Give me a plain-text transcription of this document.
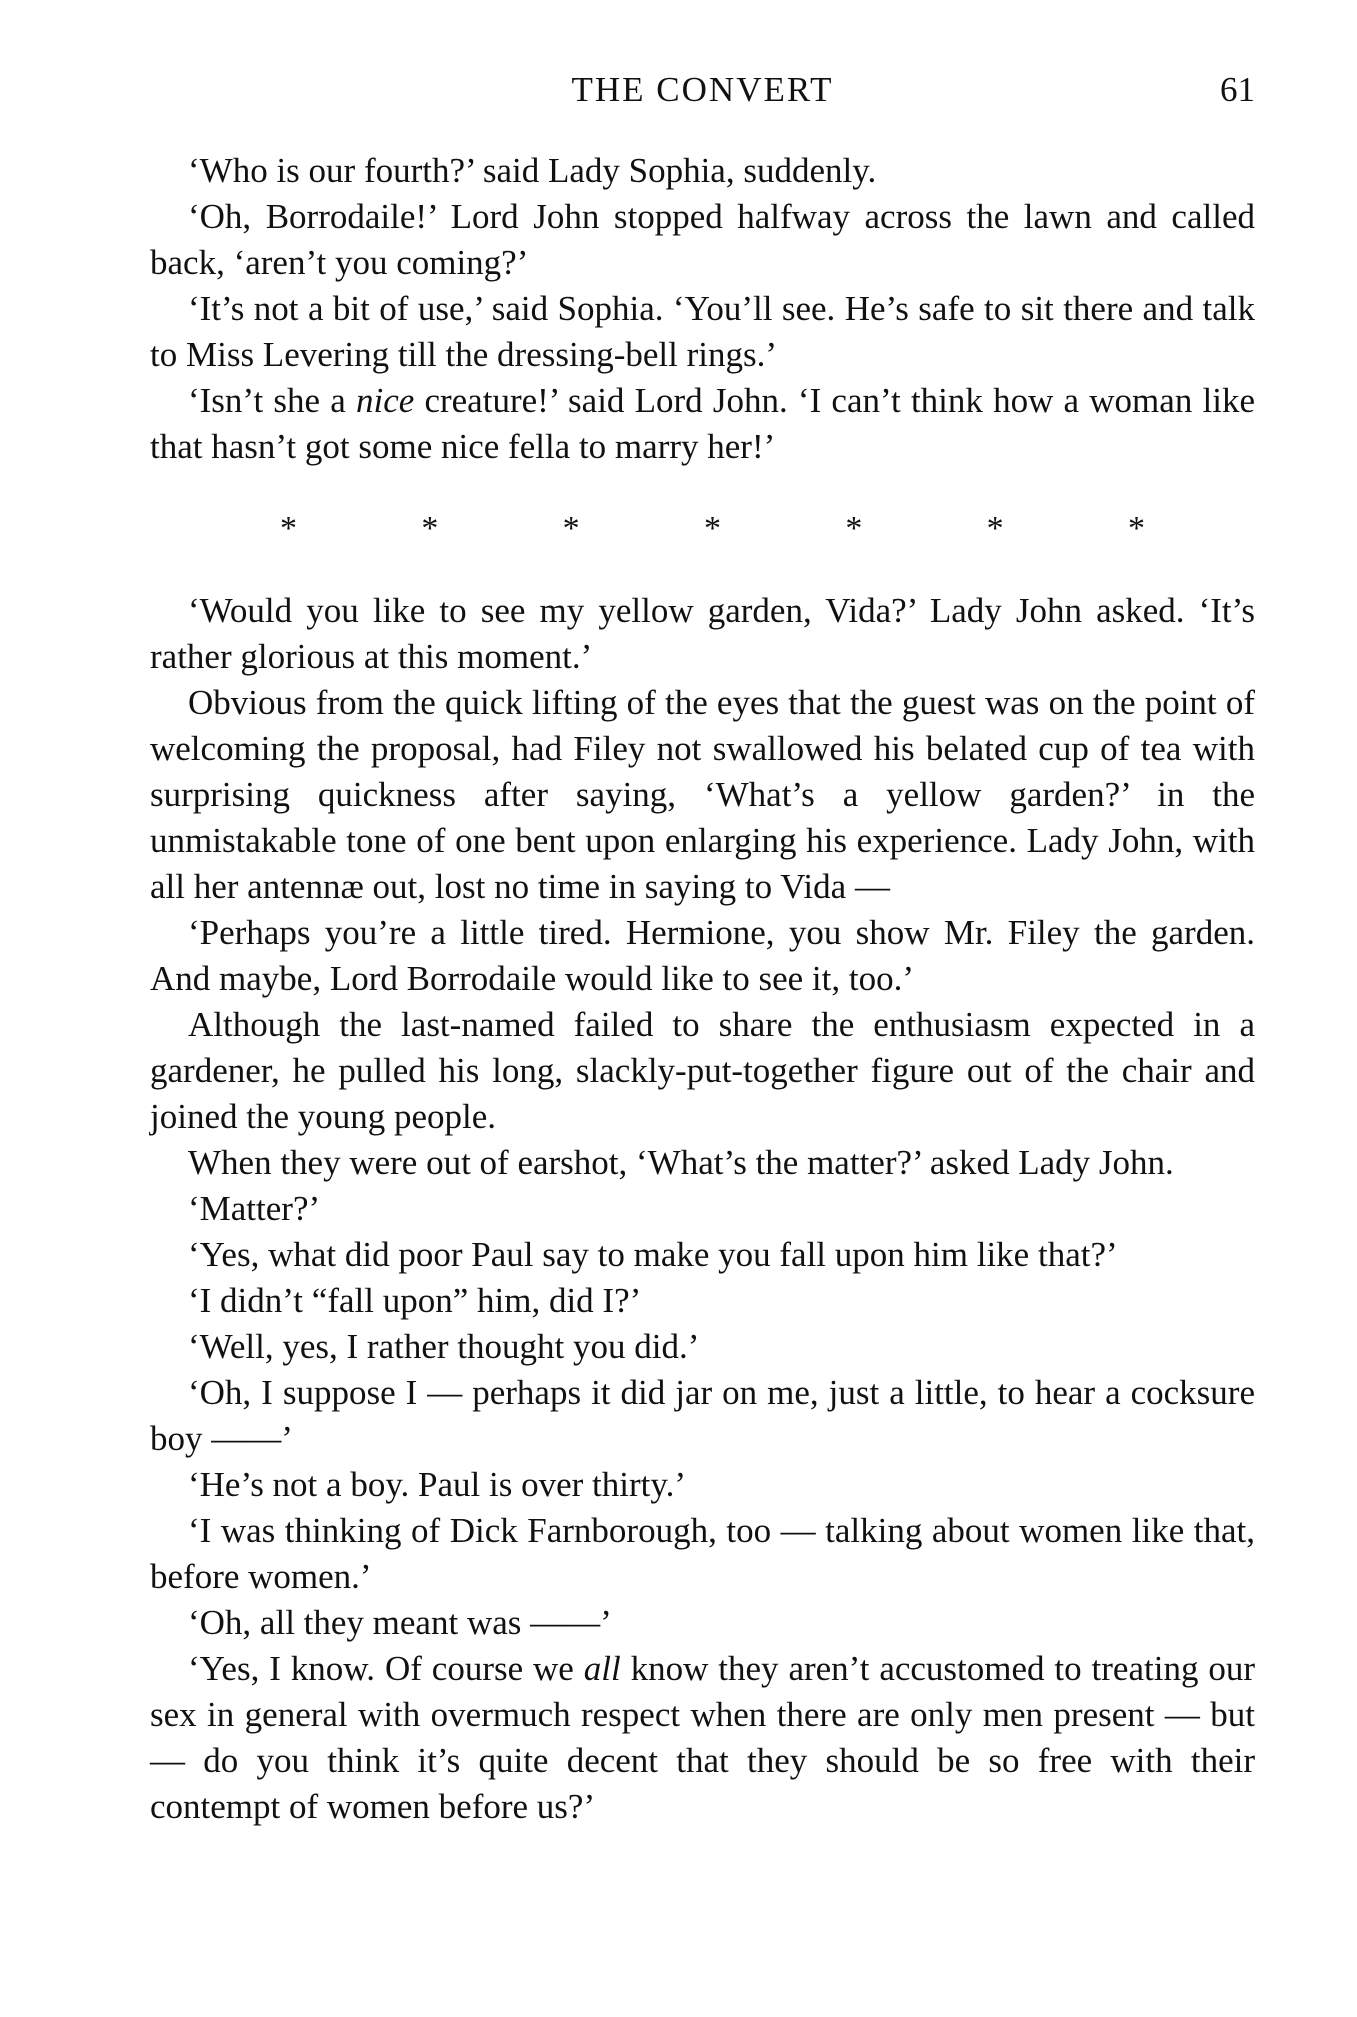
THE CONVERT	61

‘Who is our fourth?’ said Lady Sophia, suddenly.

‘Oh, Borrodaile!’ Lord John stopped halfway across the lawn and called back, ‘aren’t you coming?’

‘It’s not a bit of use,’ said Sophia. ‘You’ll see. He’s safe to sit there and talk to Miss Levering till the dressing-bell rings.’

‘Isn’t she a nice creature!’ said Lord John. ‘I can’t think how a woman like that hasn’t got some nice fella to marry her!’

*	*	*	*	*	*	*

‘Would you like to see my yellow garden, Vida?’ Lady John asked. ‘It’s rather glorious at this moment.’

Obvious from the quick lifting of the eyes that the guest was on the point of welcoming the proposal, had Filey not swallowed his belated cup of tea with surprising quickness after saying, ‘What’s a yellow garden?’ in the unmistakable tone of one bent upon enlarging his experience. Lady John, with all her antennæ out, lost no time in saying to Vida —

‘Perhaps you’re a little tired. Hermione, you show Mr. Filey the garden. And maybe, Lord Borrodaile would like to see it, too.’

Although the last-named failed to share the enthusiasm expected in a gardener, he pulled his long, slackly-put-together figure out of the chair and joined the young people.

When they were out of earshot, ‘What’s the matter?’ asked Lady John.

‘Matter?’

‘Yes, what did poor Paul say to make you fall upon him like that?’

‘I didn’t “fall upon” him, did I?’

‘Well, yes, I rather thought you did.’

‘Oh, I suppose I — perhaps it did jar on me, just a little, to hear a cocksure boy ——’

‘He’s not a boy. Paul is over thirty.’

‘I was thinking of Dick Farnborough, too — talking about women like that, before women.’

‘Oh, all they meant was ——’

‘Yes, I know. Of course we all know they aren’t accustomed to treating our sex in general with overmuch respect when there are only men present — but — do you think it’s quite decent that they should be so free with their contempt of women before us?’
